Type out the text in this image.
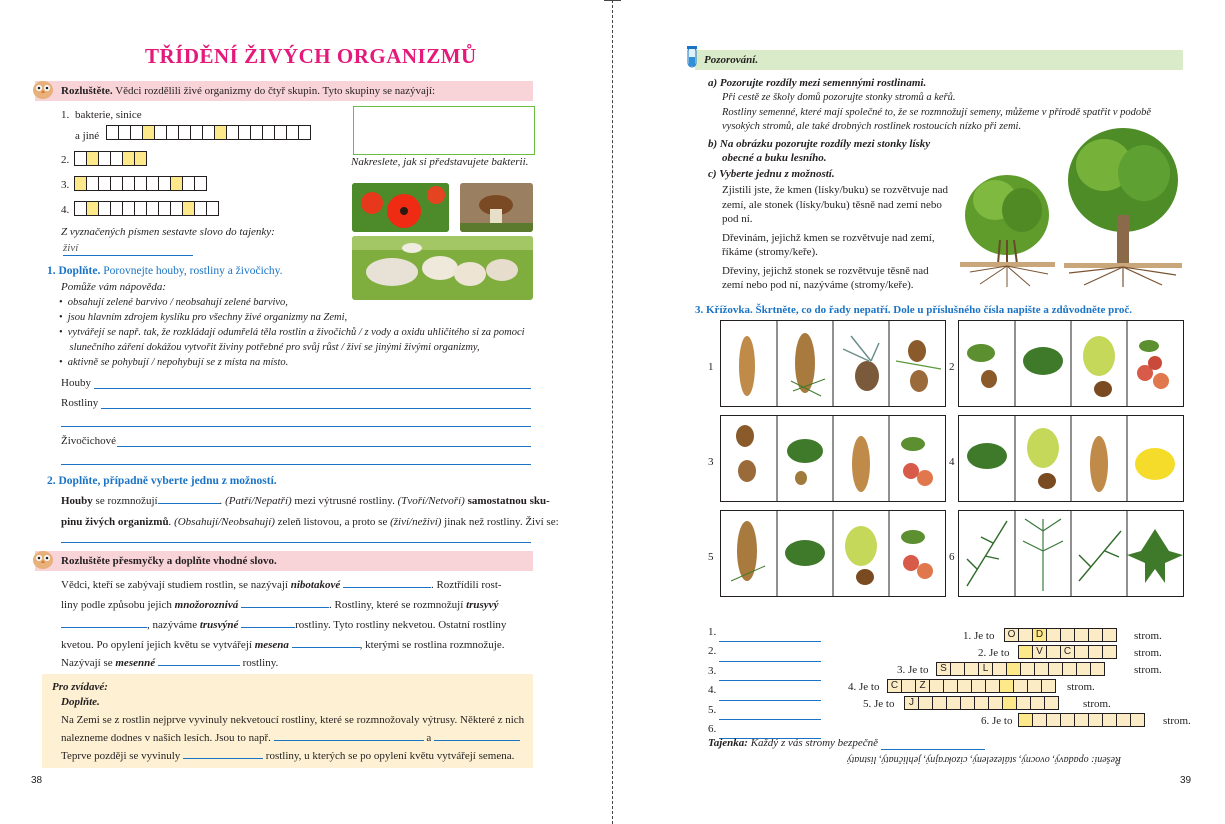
TŘÍDĚNÍ ŽIVÝCH ORGANIZMŮ
Rozluštěte. Vědci rozdělili živé organizmy do čtyř skupin. Tyto skupiny se nazývají:
1. bakterie, sinice
a jiné
2.
3.
4.
Nakreslete, jak si představujete bakterii.
Z vyznačených písmen sestavte slovo do tajenky:
živí
1. Doplňte. Porovnejte houby, rostliny a živočichy.
Pomůže vám nápověda:
• obsahují zelené barvivo / neobsahují zelené barvivo,
• jsou hlavním zdrojem kyslíku pro všechny živé organizmy na Zemi,
• vytvářejí se např. tak, že rozkládají odumřelá těla rostlin a živočichů / z vody a oxidu uhličitého si za pomoci
slunečního záření dokážou vytvořit živiny potřebné pro svůj růst / živí se jinými živými organizmy,
• aktivně se pohybují / nepohybují se z místa na místo.
Houby
Rostliny
Živočichové
2. Doplňte, případně vyberte jednu z možností.
Houby se rozmnožují	. (Patří/Nepatří) mezi výtrusné rostliny. (Tvoří/Netvoří) samostatnou sku-
pinu živých organizmů. (Obsahují/Neobsahují) zeleň listovou, a proto se (živí/neživí) jinak než rostliny. Živí se:
Rozluštěte přesmyčky a doplňte vhodné slovo.
Vědci, kteří se zabývají studiem rostlin, se nazývají nibotakové	. Roztřídili rost-
liny podle způsobu jejich množoroznivá	. Rostliny, které se rozmnožují trusyvý
, nazýváme trusvýné	rostliny. Tyto rostliny nekvetou. Ostatní rostliny
kvetou. Po opylení jejich květu se vytvářejí mesena	, kterými se rostlina rozmnožuje.
Nazývají se mesenné	rostliny.
Pro zvídavé:
Doplňte.
Na Zemi se z rostlin nejprve vyvinuly nekvetoucí rostliny, které se rozmnožovaly výtrusy. Některé z nich
nalezneme dodnes v našich lesích. Jsou to např.	a
Teprve později se vyvinuly	rostliny, u kterých se po opylení květu vytvářejí semena.
38
Pozorování.
a) Pozorujte rozdíly mezi semennými rostlinami.
Při cestě ze školy domů pozorujte stonky stromů a keřů.
Rostliny semenné, které mají společné to, že se rozmnožují semeny, můžeme v přírodě spatřit v podobě
vysokých stromů, ale také drobných rostlinek rostoucích nízko při zemi.
b) Na obrázku pozorujte rozdíly mezi stonky lísky
obecné a buku lesního.
c) Vyberte jednu z možností.
Zjistili jste, že kmen (lísky/buku) se rozvětvuje nad
zemí, ale stonek (lísky/buku) těsně nad zemí nebo
pod ní.
Dřevinám, jejichž kmen se rozvětvuje nad zemí,
říkáme (stromy/keře).
Dřeviny, jejichž stonek se rozvětvuje těsně nad
zemí nebo pod ní, nazýváme (stromy/keře).
3. Křížovka. Škrtněte, co do řady nepatří. Dole u příslušného čísla napište a zdůvodněte proč.
1	2
3	4
5	6
1.
2.
3.
4.
5.
6.
1. Je to	O D	strom.
2. Je to	V C	strom.
3. Je to	S	L	strom.
4. Je to	C Z	strom.
5. Je to	J	strom.
6. Je to	strom.
Tajenka: Každý z vás stromy bezpečně
Řešení: opadavý, ovocný, stálezelený, cizokrajný, jehličnatý, listnatý
39
